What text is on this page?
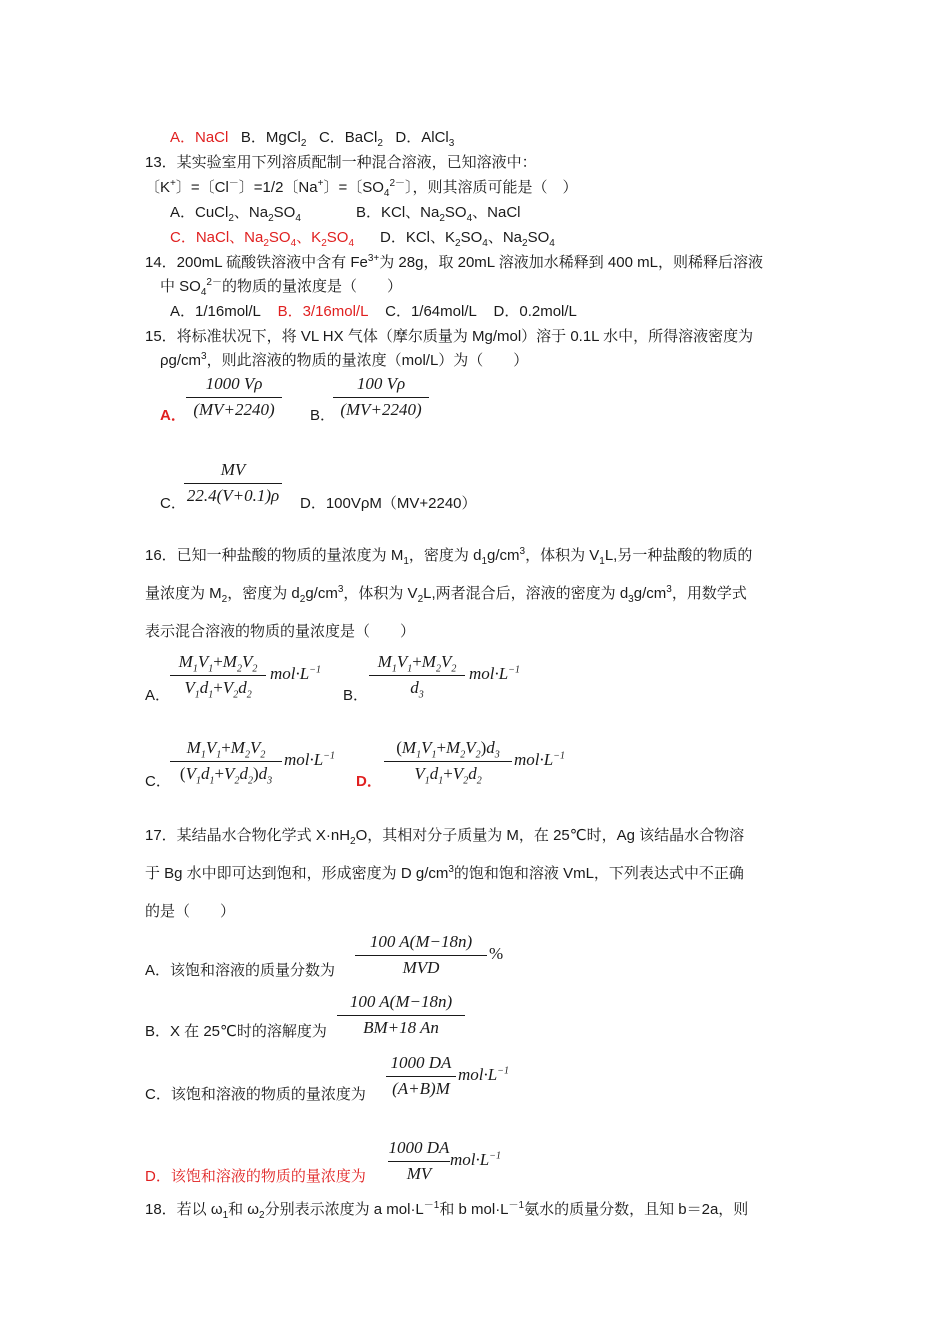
A．NaCl B．MgCl$_2$ C．BaCl$_2$ D．AlCl$_3$
13．某实验室用下列溶质配制一种混合溶液，已知溶液中：
〔K+〕=〔Cl－〕=1/2〔Na+〕=〔$SO_4^{2-}$〕，则其溶质可能是（　）
A．CuCl$_2$、$Na_2SO_4$	B．KCl、$Na_2SO_4$、NaCl
C．NaCl、$Na_2SO_4$、$K_2SO_4$ D．KCl、$K_2SO_4$、$Na_2SO_4$
14．200mL 硫酸铁溶液中含有 $Fe^{3+}$为 28g，取 20mL 溶液加水稀释到 400 mL，则稀释后溶液
中 $SO_4^{2-}$的物质的量浓度是（　　）
A．1/16mol/L B．3/16mol/L C．1/64mol/L D．0.2mol/L
15．将标准状况下，将 VL HX 气体（摩尔质量为 Mg/mol）溶于 0.1L 水中，所得溶液密度为
$\rho g/cm^3$，则此溶液的物质的量浓度（mol/L）为（　　）
A．
1000 Vρ
(MV+2240)	B．
100 Vρ
(MV+2240)
C．
MV
22.4(V+0.1)ρ D．100VρM（MV+2240）
16．已知一种盐酸的物质的量浓度为 $M_1$，密度为 $d_1g/cm^3$，体积为 $V_1L$,另一种盐酸的物质的
量浓度为 $M_2$，密度为 $d_2g/cm^3$，体积为 $V_2L$,两者混合后，溶液的密度为 $d_3g/cm^3$，用数学式
表示混合溶液的物质的量浓度是（　　）
A．
$M_1V_1+M_2V_2$
$V_1d_1+V_2d_2$
$mol\cdot L^{-1}$
B．
$M_1V_1+M_2V_2$
$d_3$
$mol\cdot L^{-1}$
C．
$M_1V_1+M_2V_2$
$(V_1d_1+V_2d_2)d_3$
$mol\cdot L^{-1}$
D．
$(M_1V_1+M_2V_2)d_3$
$V_1d_1+V_2d_2$
$mol\cdot L^{-1}$
17．某结晶水合物化学式 $X\cdot nH_2O$，其相对分子质量为 M，在 25℃时，Ag 该结晶水合物溶
于 Bg 水中即可达到饱和，形成密度为 D $g/cm^3$的饱和饱和溶液 VmL，下列表达式中不正确
的是（　　）
A．该饱和溶液的质量分数为
100 A(M−18n)
MVD
%
B．X 在 25℃时的溶解度为
100 A(M−18n)
BM+18 An
C．该饱和溶液的物质的量浓度为
1000 DA
(A+B)M
$mol\cdot L^{-1}$
D．该饱和溶液的物质的量浓度为
1000 DA
MV
$mol\cdot L^{-1}$
18．若以 $\omega_1$和 $\omega_2$分别表示浓度为 a $mol\cdot L^{-1}$和 b $mol\cdot L^{-1}$氨水的质量分数，且知 b＝2a，则
